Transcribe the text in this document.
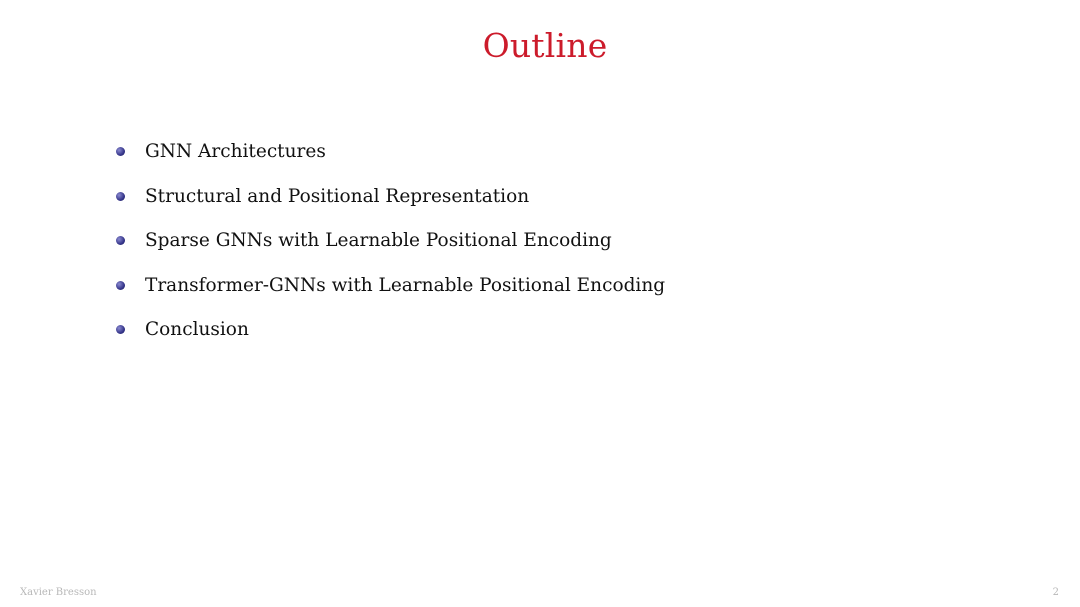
Outline
GNN Architectures
Structural and Positional Representation
Sparse GNNs with Learnable Positional Encoding
Transformer-GNNs with Learnable Positional Encoding
Conclusion
Xavier Bresson	2
